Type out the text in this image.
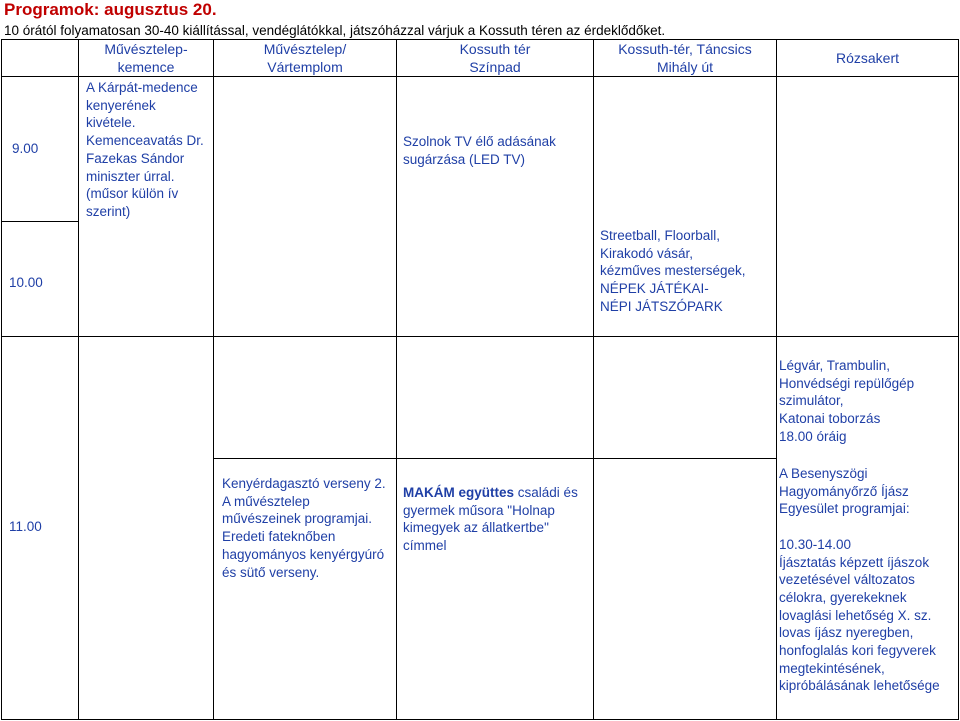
Programok: augusztus 20.
10 órától folyamatosan 30-40 kiállítással, vendéglátókkal, játszóházzal várjuk a Kossuth téren az érdeklődőket.
Művésztelep-
kemence
Művésztelep/
Vártemplom
Kossuth tér
Színpad
Kossuth-tér, Táncsics
Mihály út
Rózsakert
9.00
10.00
11.00
A Kárpát-medence
kenyerének
kivétele.
Kemenceavatás Dr.
Fazekas Sándor
miniszter úrral.
(műsor külön ív
szerint)
Szolnok TV élő adásának
sugárzása (LED TV)
Streetball, Floorball,
Kirakodó vásár,
kézműves mesterségek,
NÉPEK JÁTÉKAI-
NÉPI JÁTSZÓPARK
Légvár, Trambulin,
Honvédségi repülőgép
szimulátor,
Katonai toborzás
18.00 óráig
Kenyérdagasztó verseny 2.
A művésztelep
művészeinek programjai.
Eredeti fateknőben
hagyományos kenyérgyúró
és sütő verseny.
MAKÁM együttes családi és
gyermek műsora "Holnap
kimegyek az állatkertbe"
címmel
A Besenyszögi
Hagyományőrző Íjász
Egyesület programjai:
10.30-14.00
Íjásztatás képzett íjászok
vezetésével változatos
célokra, gyerekeknek
lovaglási lehetőség X. sz.
lovas íjász nyeregben,
honfoglalás kori fegyverek
megtekintésének,
kipróbálásának lehetősége
